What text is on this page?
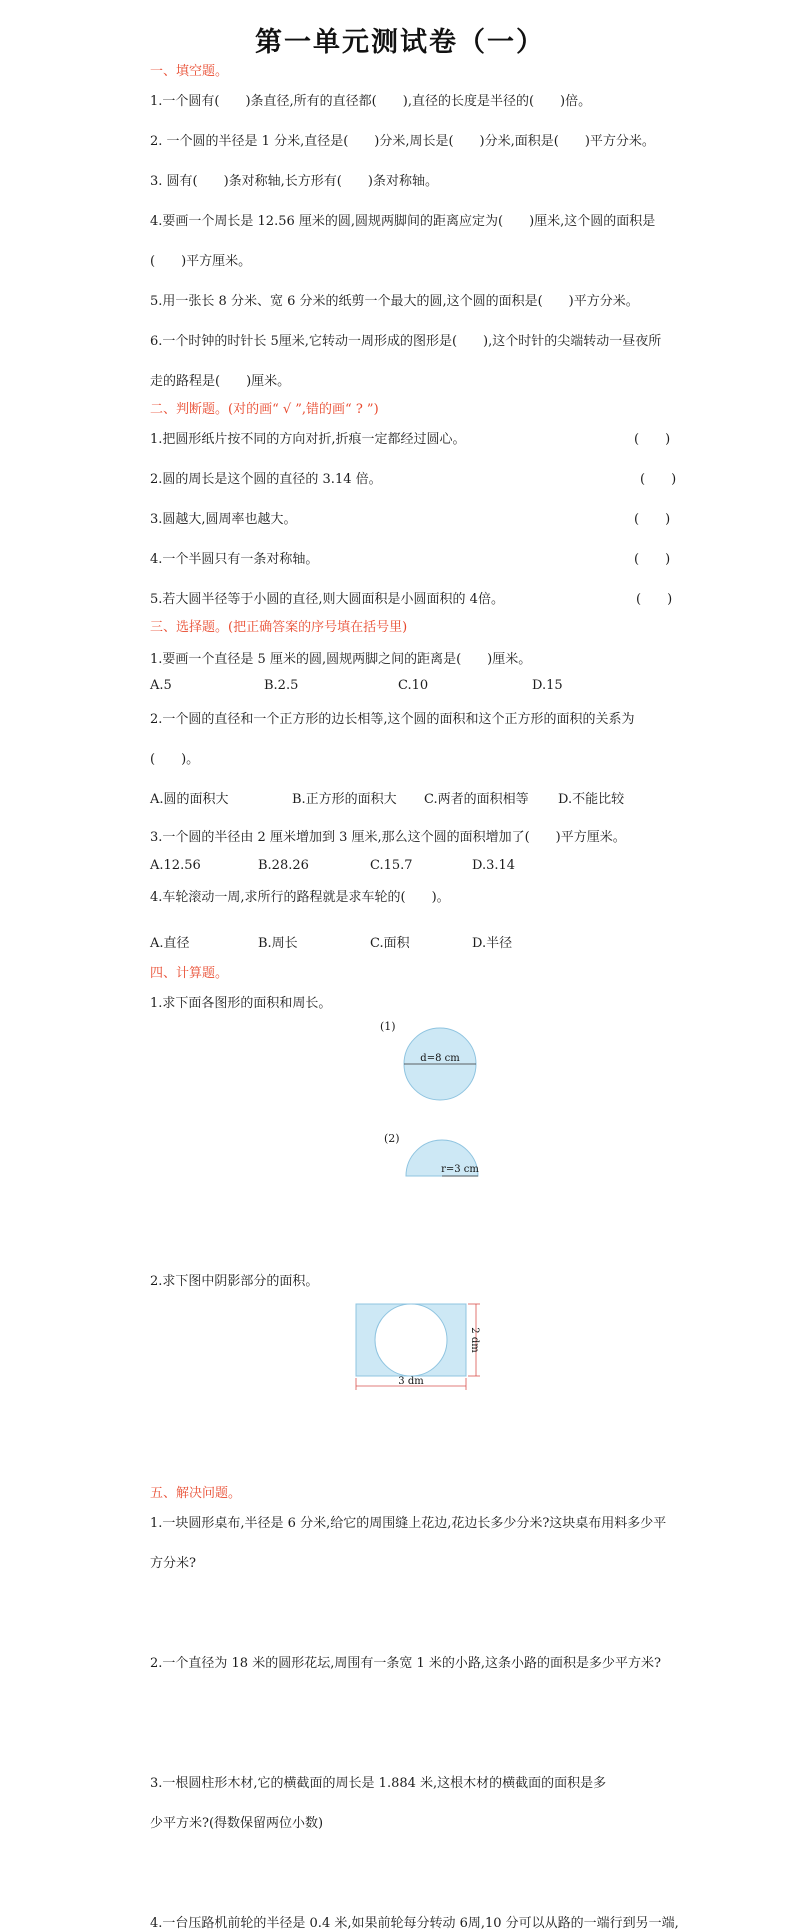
第一单元测试卷（一）
一、填空题。
1.一个圆有(　　)条直径,所有的直径都(　　),直径的长度是半径的(　　)倍。
2. 一个圆的半径是 1 分米,直径是(　　)分米,周长是(　　)分米,面积是(　　)平方分米。
3. 圆有(　　)条对称轴,长方形有(　　)条对称轴。
4.要画一个周长是 12.56 厘米的圆,圆规两脚间的距离应定为(　　)厘米,这个圆的面积是
(　　)平方厘米。
5.用一张长 8 分米、宽 6 分米的纸剪一个最大的圆,这个圆的面积是(　　)平方分米。
6.一个时钟的时针长 5厘米,它转动一周形成的图形是(　　),这个时针的尖端转动一昼夜所
走的路程是(　　)厘米。
二、判断题。(对的画“ √ ”,错的画“ ? ”)
1.把圆形纸片按不同的方向对折,折痕一定都经过圆心。	(　　)
2.圆的周长是这个圆的直径的 3.14 倍。	(　　)
3.圆越大,圆周率也越大。	(　　)
4.一个半圆只有一条对称轴。	(　　)
5.若大圆半径等于小圆的直径,则大圆面积是小圆面积的 4倍。	(　　)
三、选择题。(把正确答案的序号填在括号里)
1.要画一个直径是 5 厘米的圆,圆规两脚之间的距离是(　　)厘米。
A.5	B.2.5	C.10	D.15
2.一个圆的直径和一个正方形的边长相等,这个圆的面积和这个正方形的面积的关系为
(　　)。
A.圆的面积大	B.正方形的面积大 C.两者的面积相等 D.不能比较
3.一个圆的半径由 2 厘米增加到 3 厘米,那么这个圆的面积增加了(　　)平方厘米。
A.12.56	B.28.26	C.15.7	D.3.14
4.车轮滚动一周,求所行的路程就是求车轮的(　　)。
A.直径	B.周长	C.面积	D.半径
四、计算题。
1.求下面各图形的面积和周长。
(1)
d=8 cm
(2)
r=3 cm
2.求下图中阴影部分的面积。
3 dm
2 dm
五、解决问题。
1.一块圆形桌布,半径是 6 分米,给它的周围缝上花边,花边长多少分米?这块桌布用料多少平
方分米?
2.一个直径为 18 米的圆形花坛,周围有一条宽 1 米的小路,这条小路的面积是多少平方米?
3.一根圆柱形木材,它的横截面的周长是 1.884 米,这根木材的横截面的面积是多
少平方米?(得数保留两位小数)
4.一台压路机前轮的半径是 0.4 米,如果前轮每分转动 6周,10 分可以从路的一端行到另一端,
